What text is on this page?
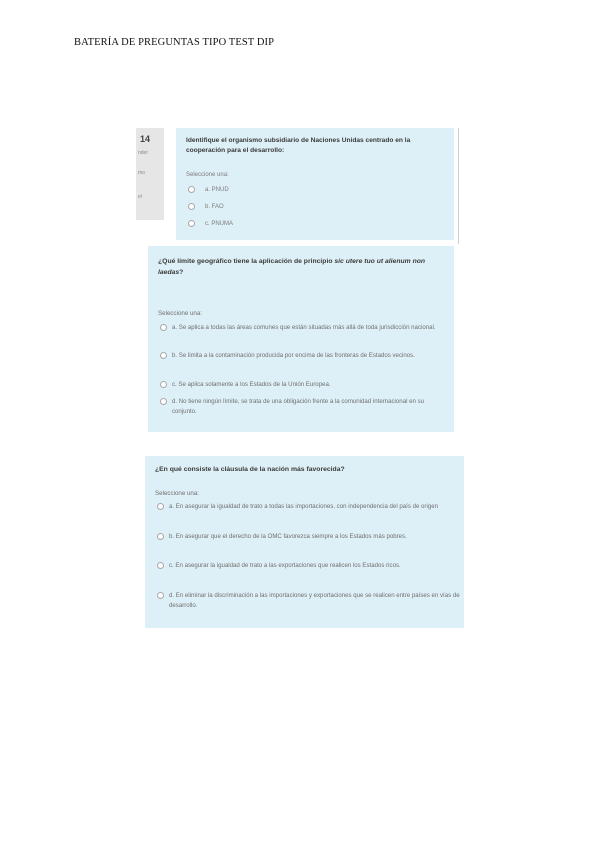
BATERÍA DE PREGUNTAS TIPO TEST DIP
14
nder
mo
el
Identifique el organismo subsidiario de Naciones Unidas centrado en la cooperación para el desarrollo:
Seleccione una:
a. PNUD
b. FAO
c. PNUMA
¿Qué límite geográfico tiene la aplicación de principio sic utere tuo ut alienum non laedas?
Seleccione una:
a. Se aplica a todas las áreas comunes que están situadas más allá de toda jurisdicción nacional.
b. Se limita a la contaminación producida por encima de las fronteras de Estados vecinos.
c. Se aplica solamente a los Estados de la Unión Europea.
d. No tiene ningún límite, se trata de una obligación frente a la comunidad internacional en su conjunto.
¿En qué consiste la cláusula de la nación más favorecida?
Seleccione una:
a. En asegurar la igualdad de trato a todas las importaciones, con independencia del país de origen
b. En asegurar que el derecho de la OMC favorezca siempre a los Estados más pobres.
c. En asegurar la igualdad de trato a las exportaciones que realicen los Estados ricos.
d. En eliminar la discriminación a las importaciones y exportaciones que se realicen entre países en vías de desarrollo.
